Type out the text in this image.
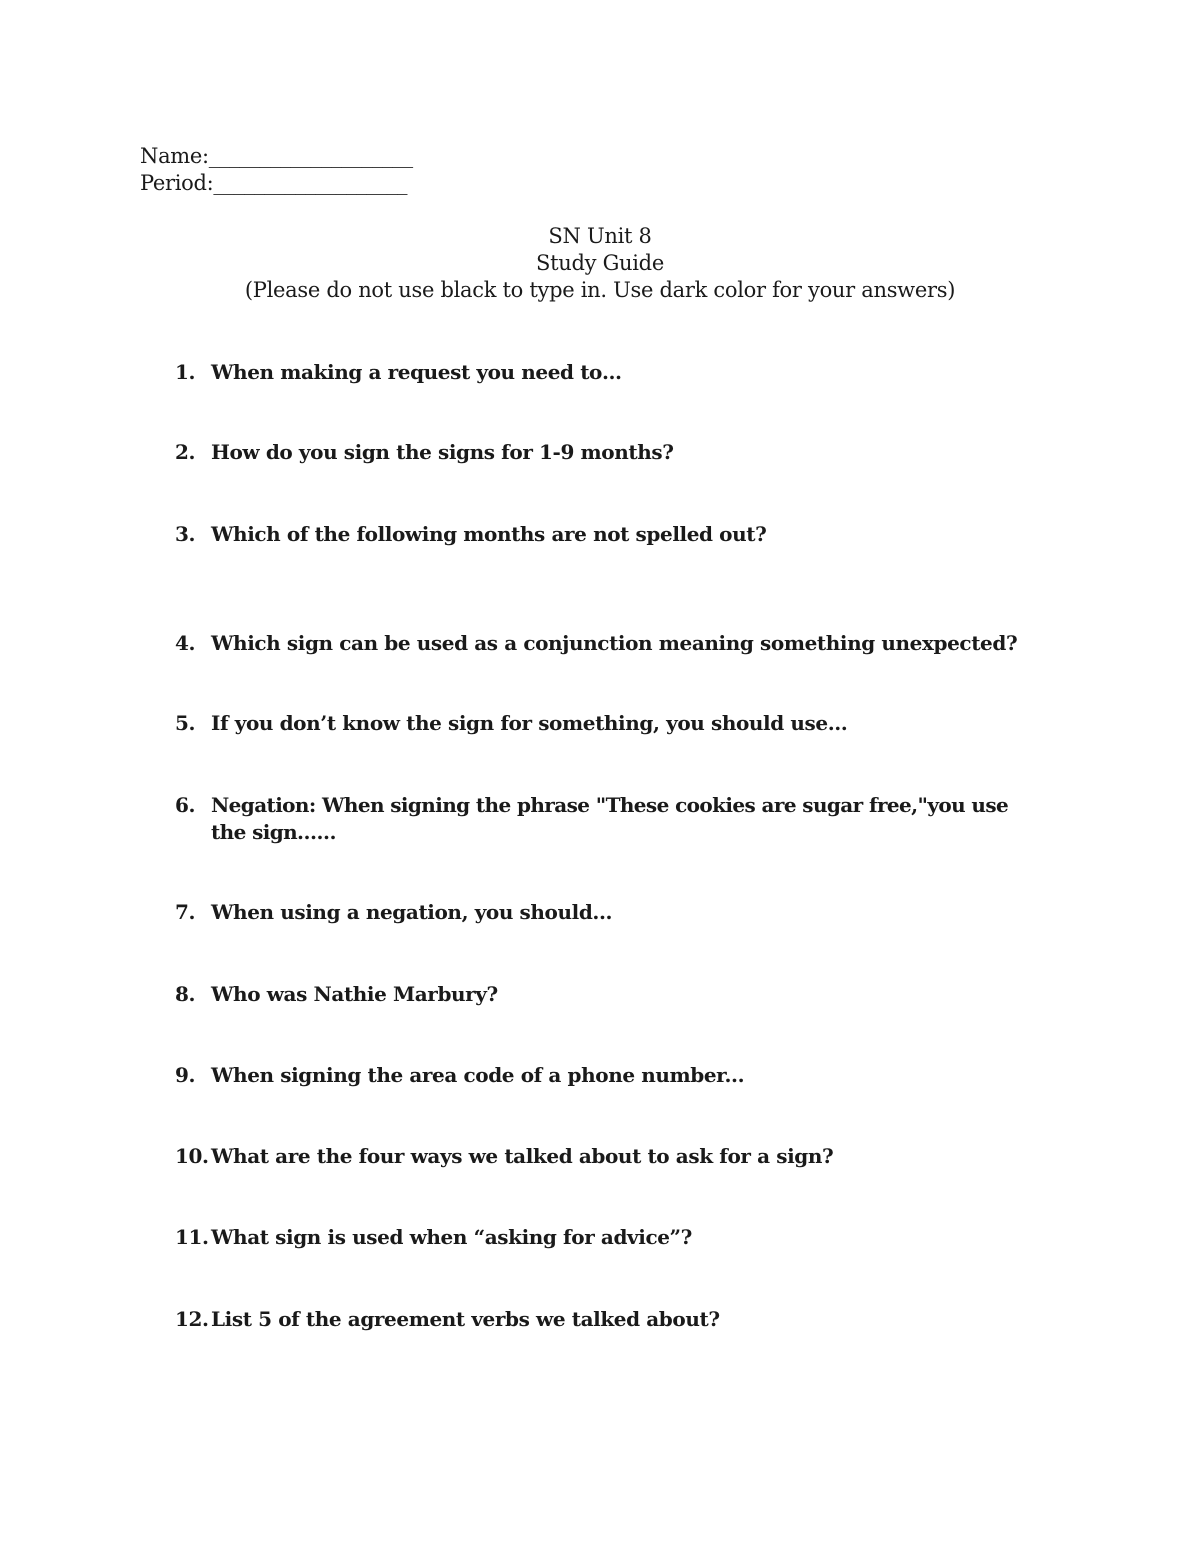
Name:____________________
Period:___________________
SN Unit 8
Study Guide
(Please do not use black to type in. Use dark color for your answers)
1. When making a request you need to…
2. How do you sign the signs for 1-9 months?
3. Which of the following months are not spelled out?
4. Which sign can be used as a conjunction meaning something unexpected?
5. If you don’t know the sign for something, you should use…
6. Negation: When signing the phrase "These cookies are sugar free,"you use the sign……
7. When using a negation, you should...
8. Who was Nathie Marbury?
9. When signing the area code of a phone number...
10. What are the four ways we talked about to ask for a sign?
11. What sign is used when “asking for advice”?
12. List 5 of the agreement verbs we talked about?
